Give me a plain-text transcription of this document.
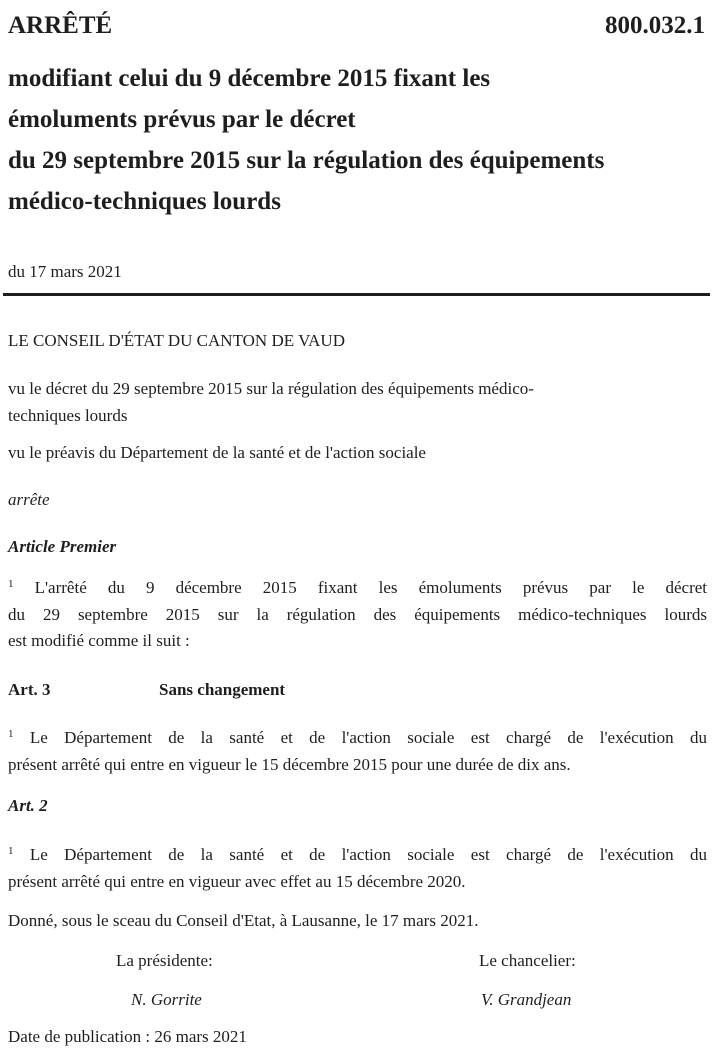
ARRÊTÉ	800.032.1
modifiant celui du 9 décembre 2015 fixant les
émoluments prévus par le décret
du 29 septembre 2015 sur la régulation des équipements
médico-techniques lourds
du 17 mars 2021
LE CONSEIL D'ÉTAT DU CANTON DE VAUD
vu le décret du 29 septembre 2015 sur la régulation des équipements médico-
techniques lourds
vu le préavis du Département de la santé et de l'action sociale
arrête
Article Premier
$^1$ L'arrêté du 9 décembre 2015 fixant les émoluments prévus par le décret
du 29 septembre 2015 sur la régulation des équipements médico-techniques lourds
est modifié comme il suit :
Art. 3	Sans changement
$^1$ Le Département de la santé et de l'action sociale est chargé de l'exécution du
présent arrêté qui entre en vigueur le 15 décembre 2015 pour une durée de dix ans.
Art. 2
$^1$ Le Département de la santé et de l'action sociale est chargé de l'exécution du
présent arrêté qui entre en vigueur avec effet au 15 décembre 2020.
Donné, sous le sceau du Conseil d'Etat, à Lausanne, le 17 mars 2021.
La présidente:	Le chancelier:
N. Gorrite	V. Grandjean
Date de publication : 26 mars 2021
